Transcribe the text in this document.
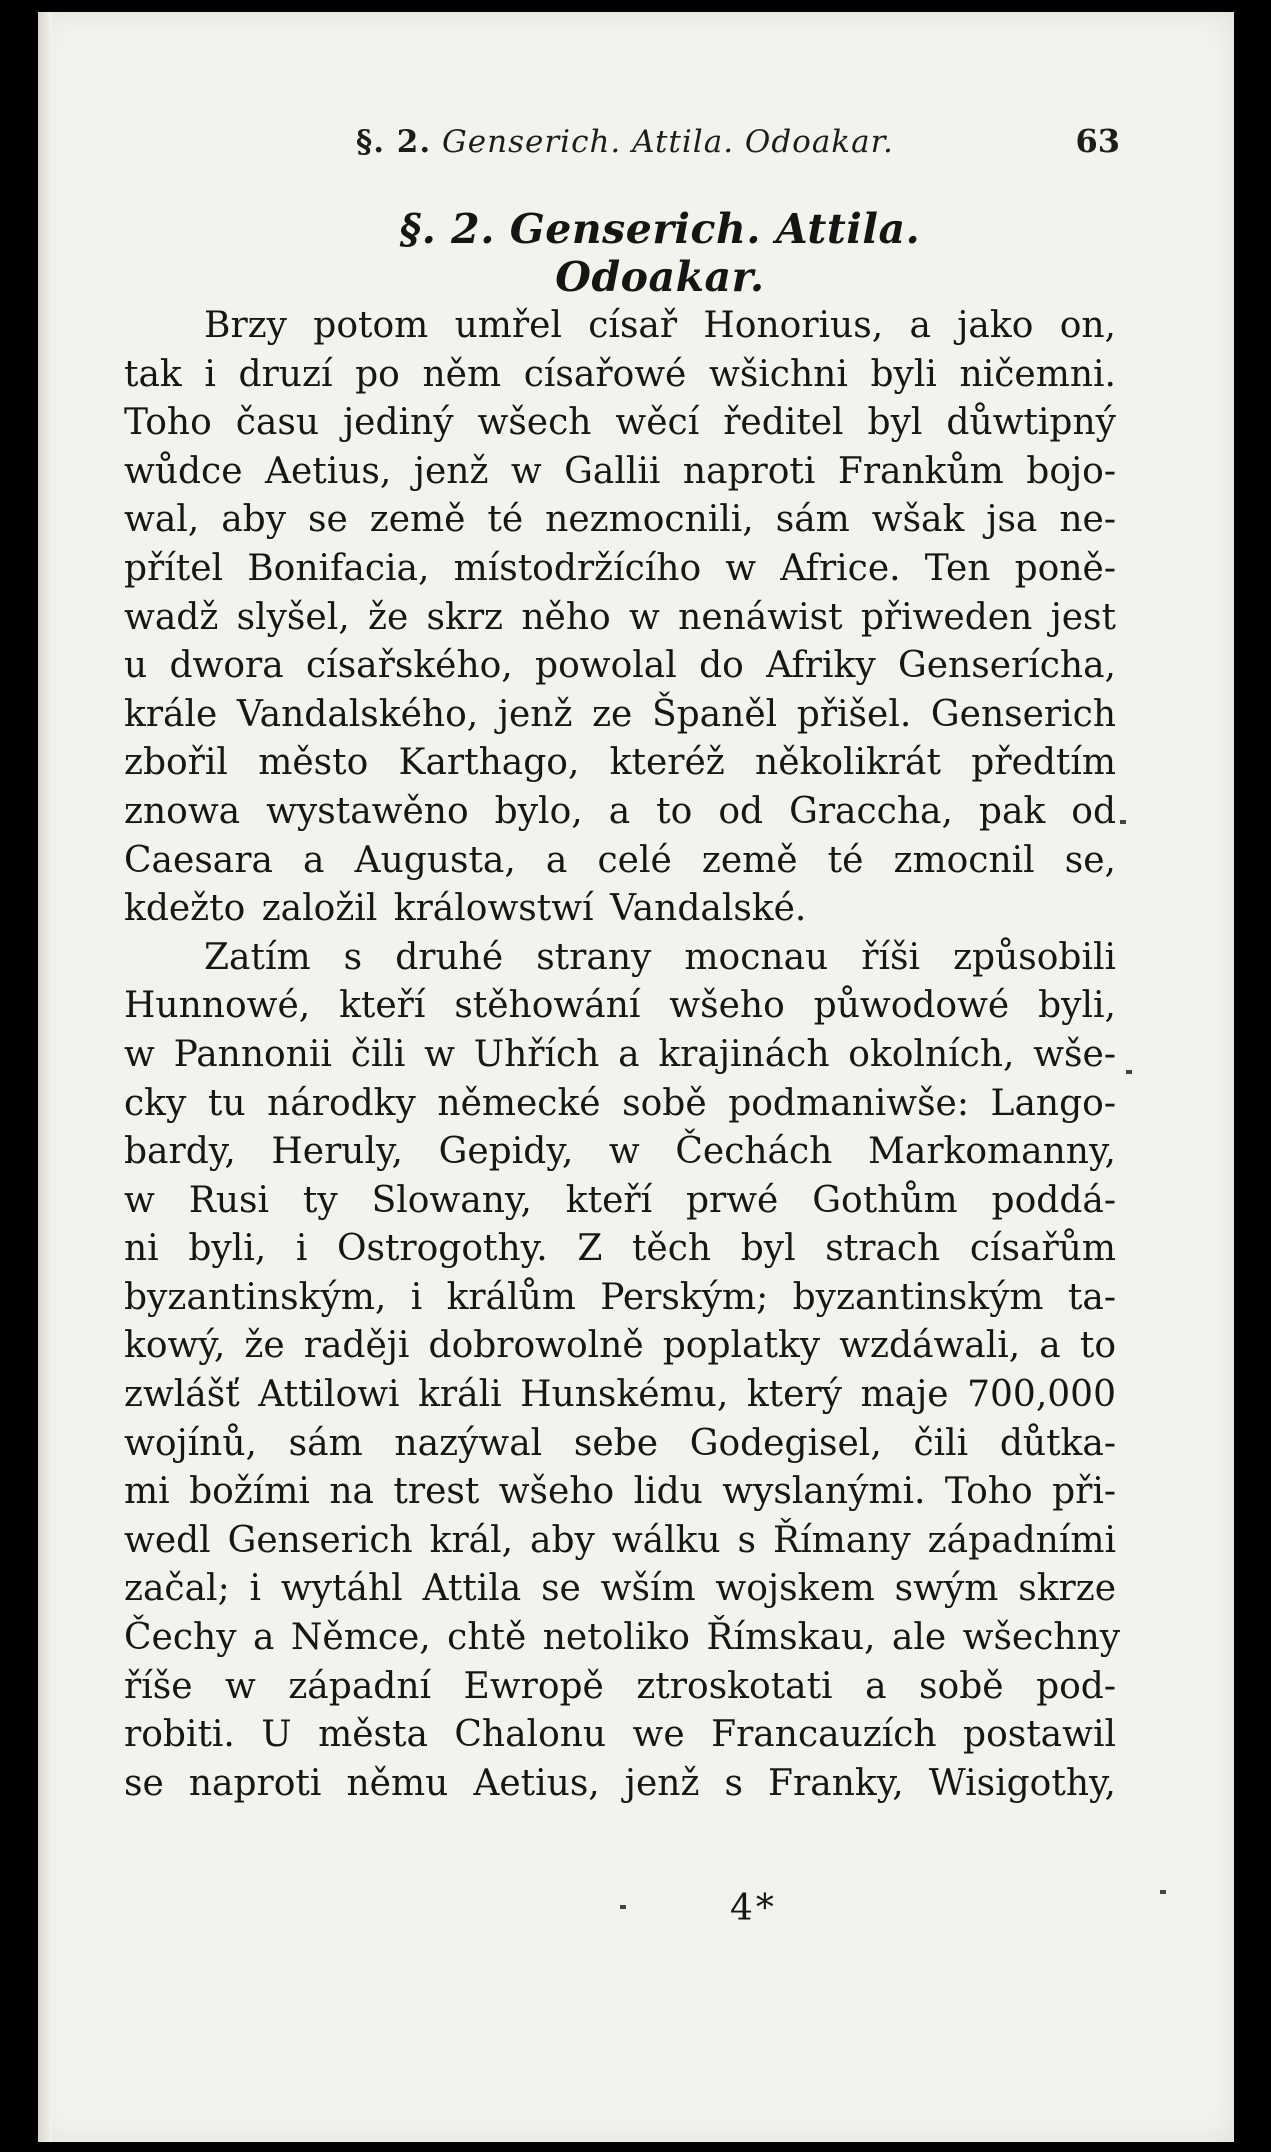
§. 2. Genserich. Attila. Odoakar.	63
§. 2. Genserich. Attila. Odoakar.
Brzy potom umřel císař Honorius, a jako on,
tak i druzí po něm císařowé wšichni byli ničemni.
Toho času jediný wšech wěcí ředitel byl důwtipný
wůdce Aetius, jenž w Gallii naproti Frankům bojo-
wal, aby se země té nezmocnili, sám wšak jsa ne-
přítel Bonifacia, místodržícího w Africe. Ten poně-
wadž slyšel, že skrz něho w nenáwist přiweden jest
u dwora císařského, powolal do Afriky Genserícha,
krále Vandalského, jenž ze Španěl přišel. Genserich
zbořil město Karthago, kteréž několikrát předtím
znowa wystawěno bylo, a to od Graccha, pak od
Caesara a Augusta, a celé země té zmocnil se,
kdežto založil králowstwí Vandalské.
Zatím s druhé strany mocnau říši způsobili
Hunnowé, kteří stěhowání wšeho půwodowé byli,
w Pannonii čili w Uhřích a krajinách okolních, wše-
cky tu národky německé sobě podmaniwše: Lango-
bardy, Heruly, Gepidy, w Čechách Markomanny,
w Rusi ty Slowany, kteří prwé Gothům poddá-
ni byli, i Ostrogothy. Z těch byl strach císařům
byzantinským, i králům Perským; byzantinským ta-
kowý, že raději dobrowolně poplatky wzdáwali, a to
zwlášť Attilowi králi Hunskému, který maje 700,000
wojínů, sám nazýwal sebe Godegisel, čili důtka-
mi božími na trest wšeho lidu wyslanými. Toho při-
wedl Genserich král, aby wálku s Římany západními
začal; i wytáhl Attila se wším wojskem swým skrze
Čechy a Němce, chtě netoliko Římskau, ale wšechny
říše w západní Ewropě ztroskotati a sobě pod-
robiti. U města Chalonu we Francauzích postawil
se naproti němu Aetius, jenž s Franky, Wisigothy,
4*
